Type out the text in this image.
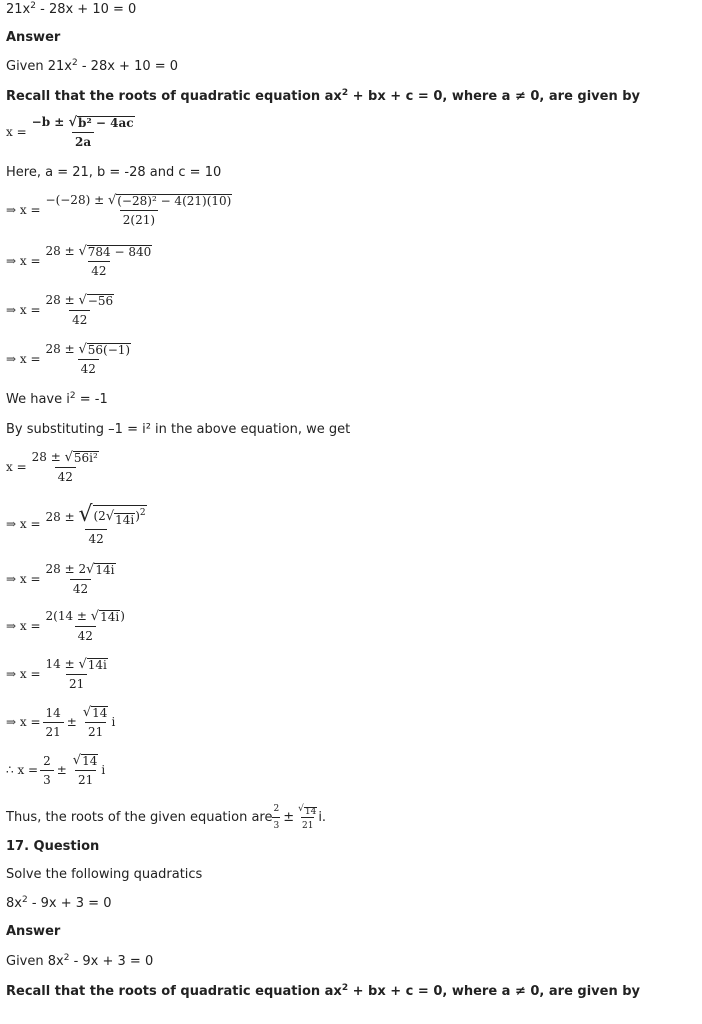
$21x^2 - 28x + 10 = 0$
Answer
Given $21x^2 - 28x + 10 = 0$
Recall that the roots of quadratic equation $ax^2$ + bx + c = 0, where a ≠ 0, are given by
$x = \frac{\text{−b ± √ b² − 4ac}}{2a}$
Here, a = 21, b = -28 and c = 10
⇒ $x = \frac{\text{−(−28) ± √ (−28)² − 4(21)(10)}}{2(21)}$
⇒ $x = \frac{28 \pm √ 784 - 840}{42}$
⇒ $x = \frac{28 \pm √ -56}{42}$
⇒ $x = \frac{28 \pm √ 56(-1)}{42}$
We have $i^2 = -1$
By substituting –1 = i² in the above equation, we get
$x = \frac{\text{28 ± √ 56i²}}{42}$
⇒ $x = \frac{28 \pm √ (2 √ 14i )^2}{42}$
⇒ $x = \frac{28 \pm 2 √ 14i}{42}$
⇒ $x = \frac{2(14 \pm √ 14i )}{42}$
⇒ $x = \frac{14 \pm √ 14i}{21}$
⇒ $x = \frac{14}{21} \pm \frac{√ 14}{21}$ i
∴ $x = \frac{2}{3} \pm \frac{√ 14}{21}$ i
Thus, the roots of the given equation are $\frac{2}{3} \pm \frac{√ 14}{21} i$.
17. Question
Solve the following quadratics
$8x^2 - 9x + 3 = 0$
Answer
Given $8x^2 - 9x + 3 = 0$
Recall that the roots of quadratic equation $ax^2$ + bx + c = 0, where a ≠ 0, are given by
